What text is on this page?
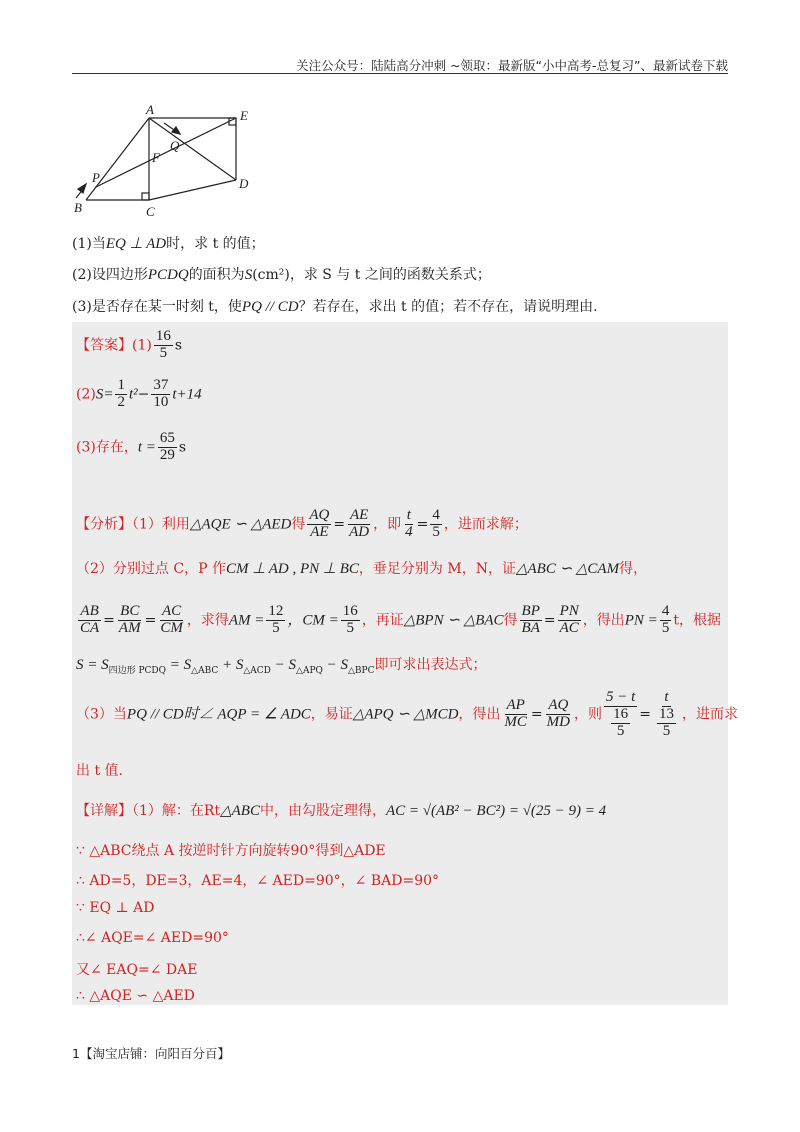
关注公众号：陆陆高分冲刺 ~领取：最新版“小中高考-总复习”、最新试卷下载
A	E
Q
F
P
B	C
D
(1)当EQ ⊥ AD时，求 t 的值；
(2)设四边形PCDQ的面积为S(cm²)，求 S 与 t 之间的函数关系式；
(3)是否存在某一时刻 t，使PQ // CD？若存在，求出 t 的值；若不存在，请说明理由.
【答案】$(1) \frac{16}{5}$ s
$(2)S= \frac{1}{2} t^2- \frac{37}{10} t+14$
(3)存在，$t = \frac{65}{29}$ s
【分析】（1）利用△AQE ∽ △AED得 $\frac{AQ}{AE} = \frac{AE}{AD}$ ，即 $\frac{t}{4} = \frac{4}{5}$ ，进而求解；
（2）分别过点 C，P 作CM ⊥ AD , PN ⊥ BC，垂足分别为 M，N，证△ABC ∽ △CAM得，
$\frac{AB}{CA} = \frac{BC}{AM} = \frac{AC}{CM}$ ，求得AM = $\frac{12}{5}$ ，CM = $\frac{16}{5}$ ，再证△BPN ∽ △BAC得 $\frac{BP}{BA} = \frac{PN}{AC}$ ，得出PN = $\frac{4}{5}$ t，根据
$S = S_{四边形 PCDQ} = S_{\triangle ABC} + S_{\triangle ACD} - S_{\triangle APQ} - S_{\triangle BPC}$即可求出表达式；
（3）当PQ // CD时∠ AQP = ∠ ADC，易证△APQ ∽ △MCD，得出 $\frac{AP}{MC} = \frac{AQ}{MD}$ ，则 $\frac{5 - t}{\frac{16}{5}} = \frac{t}{\frac{13}{5}}$ ，进而求
出 t 值.
【详解】（1）解：在Rt△ABC中，由勾股定理得，AC = √(AB² − BC²) = √(25 − 9) = 4
∵ △ABC绕点 A 按逆时针方向旋转90°得到△ADE
∴ AD=5，DE=3，AE=4，∠ AED=90°，∠ BAD=90°
∵ EQ ⊥ AD
∴∠ AQE=∠ AED=90°
又∠ EAQ=∠ DAE
∴ △AQE ∽ △AED
1【淘宝店铺：向阳百分百】
